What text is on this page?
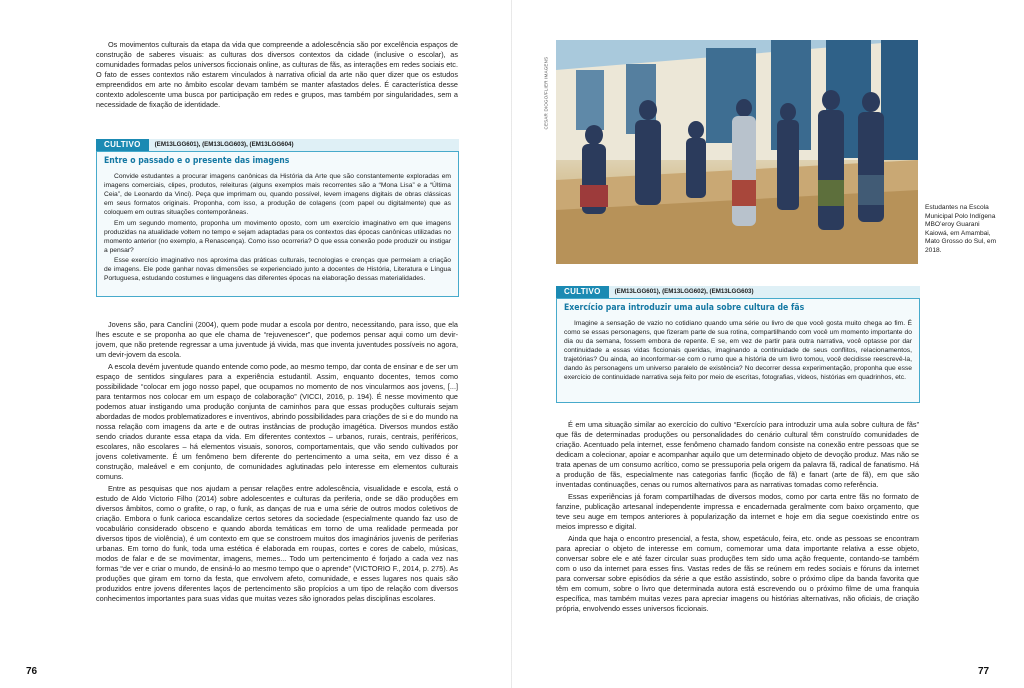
Os movimentos culturais da etapa da vida que compreende a adolescência são por excelência espaços de construção de saberes visuais: as culturas dos diversos contextos da cidade (inclusive o escolar), as comunidades formadas pelos universos ficcionais online, as culturas de fãs, as interações em redes sociais etc. O fato de esses contextos não estarem vinculados à narrativa oficial da arte não quer dizer que os estudos empreendidos em arte no âmbito escolar devam também se manter afastados deles. É característica desse contexto adolescente uma busca por participação em redes e grupos, mas também por singularidades, sem a necessidade de fixação de identidade.

CULTIVO	(EM13LGG601), (EM13LGG603), (EM13LGG604)
Entre o passado e o presente das imagens

Convide estudantes a procurar imagens canônicas da História da Arte que são constantemente exploradas em imagens comerciais, clipes, produtos, releituras (alguns exemplos mais recorrentes são a “Mona Lisa” e a “Última Ceia”, de Leonardo da Vinci). Peça que imprimam ou, quando possível, levem imagens digitais de obras clássicas em seus formatos originais. Proponha, com isso, a produção de colagens (com papel ou digitalmente) que as coloquem em outras situações contemporâneas.

Em um segundo momento, proponha um movimento oposto, com um exercício imaginativo em que imagens produzidas na atualidade voltem no tempo e sejam adaptadas para os contextos das épocas canônicas utilizadas no momento anterior (no exemplo, a Renascença). Como isso ocorreria? O que essa conexão pode produzir ou instigar a pensar?

Esse exercício imaginativo nos aproxima das práticas culturais, tecnologias e crenças que permeiam a criação de imagens. Ele pode ganhar novas dimensões se experienciado junto a docentes de História, Literatura e Língua Portuguesa, estudando costumes e linguagens das diferentes épocas na elaboração dessas materialidades.

Jovens são, para Canclini (2004), quem pode mudar a escola por dentro, necessitando, para isso, que ela lhes escute e se proponha ao que ele chama de “rejuvenescer”, que podemos pensar aqui como um devir-jovem, que não pretende regressar a uma juventude já vivida, mas que inventa juventudes possíveis no agora, um devir-jovem da escola.

A escola devém juventude quando entende como pode, ao mesmo tempo, dar conta de ensinar e de ser um espaço de sentidos singulares para a experiência estudantil. Assim, enquanto docentes, temos como possibilidade “colocar em jogo nosso papel, que ocupamos no momento de nos vincularmos aos jovens, [...] para tentarmos nos colocar em um espaço de colaboração” (VICCI, 2016, p. 194). É nesse movimento que podemos atuar instigando uma produção conjunta de caminhos para que essas produções culturais sejam abordadas de modos problematizadores e inventivos, abrindo possibilidades para criações de si e do mundo na nossa relação com imagens da arte e de outras instâncias de produção imagética. Diversos mundos estão sendo criados durante essa etapa da vida. Em diferentes contextos – urbanos, rurais, centrais, periféricos, escolares, não escolares – há elementos visuais, sonoros, comportamentais, que vão sendo cultivados por jovens coletivamente. É um fenômeno bem diferente do pertencimento a uma seita, em vez disso é a construção, maleável e em conjunto, de comunidades aglutinadas pelo interesse em elementos culturais comuns.

Entre as pesquisas que nos ajudam a pensar relações entre adolescência, visualidade e escola, está o estudo de Aldo Victorio Filho (2014) sobre adolescentes e culturas da periferia, onde se dão produções em diversos âmbitos, como o grafite, o rap, o funk, as danças de rua e uma série de outros modos coletivos de criação. Embora o funk carioca escandalize certos setores da sociedade (especialmente quando faz uso de vocabulário considerado obsceno e quando aborda temáticas em torno de uma realidade permeada por diversos tipos de violência), é um contexto em que se constroem muitos dos imaginários juvenis de periferias urbanas. Em torno do funk, toda uma estética é elaborada em roupas, cortes e cores de cabelo, músicas, modos de falar e de se movimentar, imagens, memes... Todo um pertencimento é forjado a cada vez nas formas “de ver e criar o mundo, de ensiná-lo ao mesmo tempo que o aprende” (VICTORIO F., 2014, p. 275). As produções que giram em torno da festa, que envolvem afeto, comunidade, e esses lugares nos quais são produzidos entre jovens diferentes laços de pertencimento são propícios a um tipo de relação com diversos conhecimentos importantes para suas vidas que muitas vezes são ignorados pelas disciplinas escolares.

76
CESAR DIOGO/FLIER IMAGENS
Estudantes na Escola Municipal Polo Indígena MBO’eroy Guarani Kaiowá, em Amambai, Mato Grosso do Sul, em 2018.
CULTIVO	(EM13LGG601), (EM13LGG602), (EM13LGG603)
Exercício para introduzir uma aula sobre cultura de fãs

Imagine a sensação de vazio no cotidiano quando uma série ou livro de que você gosta muito chega ao fim. É como se essas personagens, que fizeram parte de sua rotina, compartilhando com você um momento importante do dia ou da semana, fossem embora de repente. E se, em vez de partir para outra narrativa, você optasse por dar continuidade a essas vidas ficcionais queridas, imaginando a continuidade de seus conflitos, relacionamentos, trajetórias? Ou ainda, ao inconformar-se com o rumo que a história de um livro tomou, você decidisse reescrevê-la, dando às personagens um universo paralelo de existência? No decorrer dessa experimentação, proponha que esse exercício de continuidade narrativa seja feito por meio de escritas, fotografias, vídeos, histórias em quadrinhos, etc.

É em uma situação similar ao exercício do cultivo “Exercício para introduzir uma aula sobre cultura de fãs” que fãs de determinadas produções ou personalidades do cenário cultural têm construído comunidades de criação. Acentuado pela internet, esse fenômeno chamado fandom consiste na conexão entre pessoas que se dedicam a colecionar, apoiar e acompanhar aquilo que um determinado objeto de devoção produz. Mas não se trata apenas de um consumo acrítico, como se pressuporia pela origem da palavra fã, radical de fanatismo. Há a produção de fãs, especialmente nas categorias fanfic (ficção de fã) e fanart (arte de fã), em que são inventadas continuações, cenas ou rumos alternativos para as narrativas tomadas como referência.

Essas experiências já foram compartilhadas de diversos modos, como por carta entre fãs no formato de fanzine, publicação artesanal independente impressa e encadernada geralmente com baixo orçamento, que teve seu auge em tempos anteriores à popularização da internet e hoje em dia segue coexistindo entre os meios impresso e digital.

Ainda que haja o encontro presencial, a festa, show, espetáculo, feira, etc. onde as pessoas se encontram para apreciar o objeto de interesse em comum, comemorar uma data importante relativa a esse objeto, conversar sobre ele e até fazer circular suas produções tem sido uma ação frequente, contando-se também com o uso da internet para esses fins. Vastas redes de fãs se reúnem em redes sociais e fóruns da internet para conversar sobre episódios da série a que estão assistindo, sobre o próximo clipe da banda favorita que têm em comum, sobre o livro que determinada autora está escrevendo ou o próximo filme de uma franquia específica, mas também muitas vezes para apreciar imagens ou histórias alternativas, não oficiais, de criação própria, envolvendo esses universos ficcionais.

77
